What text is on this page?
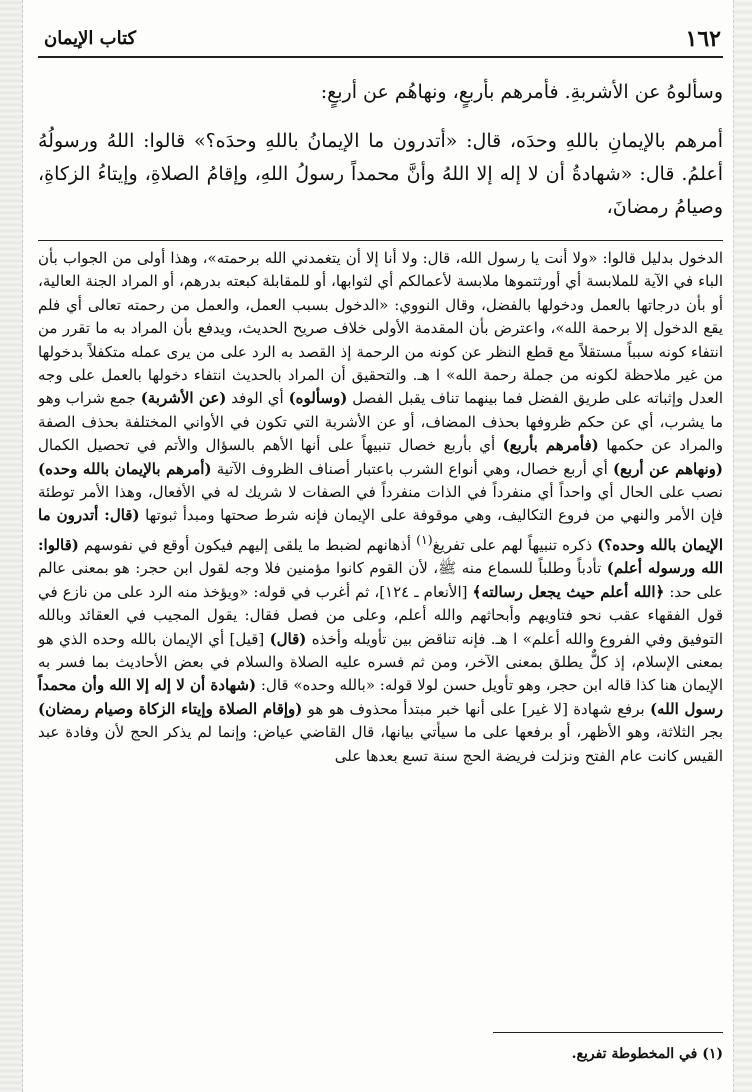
١٦٢
كتاب الإيمان

وسألوهُ عن الأشربةِ. فأمرهم بأربعٍ، ونهاهُم عن أربعٍ:

أمرهم بالإيمانِ باللهِ وحدَه، قال: «أتدرون ما الإيمانُ باللهِ وحدَه؟» قالوا: اللهُ ورسولُهُ أعلمُ. قال: «شهادةُ أن لا إله إلا اللهُ وأنَّ محمداً رسولُ اللهِ، وإقامُ الصلاةِ، وإيتاءُ الزكاةِ، وصيامُ رمضانَ،

الدخول بدليل قالوا: «ولا أنت يا رسول الله، قال: ولا أنا إلا أن يتغمدني الله برحمته»، وهذا أولى من الجواب بأن الباء في الآية للملابسة أي أورثتموها ملابسة لأعمالكم أي لثوابها، أو للمقابلة كبعته بدرهم، أو المراد الجنة العالية، أو بأن درجاتها بالعمل ودخولها بالفضل، وقال النووي: «الدخول بسبب العمل، والعمل من رحمته تعالى أي فلم يقع الدخول إلا برحمة الله»، واعترض بأن المقدمة الأولى خلاف صريح الحديث، ويدفع بأن المراد به ما تقرر من انتفاء كونه سبباً مستقلاً مع قطع النظر عن كونه من الرحمة إذ القصد به الرد على من يرى عمله متكفلاً بدخولها من غير ملاحظة لكونه من جملة رحمة الله» ا هـ. والتحقيق أن المراد بالحديث انتفاء دخولها بالعمل على وجه العدل وإثباته على طريق الفضل فما بينهما تناف يقبل الفصل (وسألوه) أي الوفد (عن الأشربة) جمع شراب وهو ما يشرب، أي عن حكم ظروفها بحذف المضاف، أو عن الأشربة التي تكون في الأواني المختلفة بحذف الصفة والمراد عن حكمها (فأمرهم بأربع) أي بأربع خصال تنبيهاً على أنها الأهم بالسؤال والأتم في تحصيل الكمال (ونهاهم عن أربع) أي أربع خصال، وهي أنواع الشرب باعتبار أصناف الظروف الآتية (أمرهم بالإيمان بالله وحده) نصب على الحال أي واحداً أي منفرداً في الذات منفرداً في الصفات لا شريك له في الأفعال، وهذا الأمر توطئة فإن الأمر والنهي من فروع التكاليف، وهي موقوفة على الإيمان فإنه شرط صحتها ومبدأ ثبوتها (قال: أتدرون ما الإيمان بالله وحده؟) ذكره تنبيهاً لهم على تفريغ$^{(١)}$ أذهانهم لضبط ما يلقى إليهم فيكون أوقع في نفوسهم (قالوا: الله ورسوله أعلم) تأدباً وطلباً للسماع منه ﷺ، لأن القوم كانوا مؤمنين فلا وجه لقول ابن حجر: هو بمعنى عالم على حد: ﴿الله أعلم حيث يجعل رسالته﴾ [الأنعام ـ ١٢٤]، ثم أغرب في قوله: «ويؤخذ منه الرد على من نازع في قول الفقهاء عقب نحو فتاويهم وأبحاثهم والله أعلم، وعلى من فصل فقال: يقول المجيب في العقائد وبالله التوفيق وفي الفروع والله أعلم» ا هـ. فإنه تناقض بين تأويله وأخذه (قال) [قيل] أي الإيمان بالله وحده الذي هو بمعنى الإسلام، إذ كلٌّ يطلق بمعنى الآخر، ومن ثم فسره عليه الصلاة والسلام في بعض الأحاديث بما فسر به الإيمان هنا كذا قاله ابن حجر، وهو تأويل حسن لولا قوله: «بالله وحده» قال: (شهادة أن لا إله إلا الله وأن محمداً رسول الله) برفع شهادة [لا غير] على أنها خبر مبتدأ محذوف هو هو (وإقام الصلاة وإيتاء الزكاة وصيام رمضان) بجر الثلاثة، وهو الأظهر، أو برفعها على ما سيأتي بيانها، قال القاضي عياض: وإنما لم يذكر الحج لأن وفادة عبد القيس كانت عام الفتح ونزلت فريضة الحج سنة تسع بعدها على

(١) في المخطوطة تفريع.
